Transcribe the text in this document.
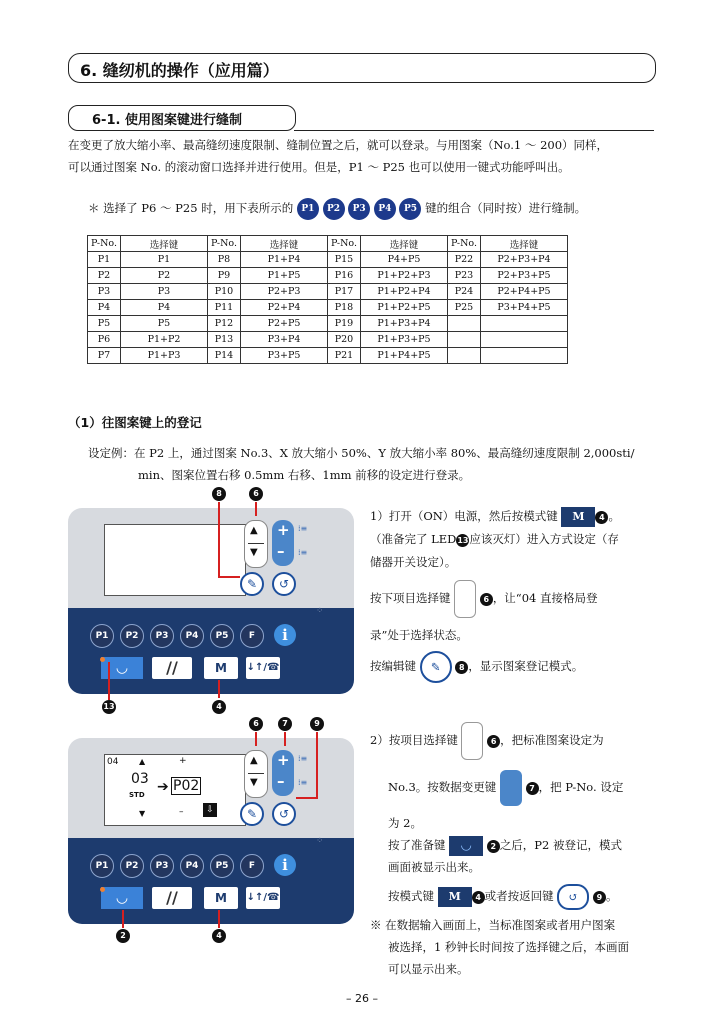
6. 缝纫机的操作（应用篇）
6-1. 使用图案键进行缝制
在变更了放大缩小率、最高缝纫速度限制、缝制位置之后，就可以登录。与用图案（No.1 ～ 200）同样，
可以通过图案 No. 的滚动窗口选择并进行使用。但是，P1 ～ P25 也可以使用一键式功能呼叫出。
＊ 选择了 P6 ～ P25 时，用下表所示的 P1 P2 P3 P4 P5 键的组合（同时按）进行缝制。
P-No.	选择键	P-No.	选择键	P-No.	选择键	P-No.	选择键
P1	P1	P8	P1+P4	P15	P4+P5	P22	P2+P3+P4
P2	P2	P9	P1+P5	P16	P1+P2+P3	P23	P2+P3+P5
P3	P3	P10	P2+P3	P17	P1+P2+P4	P24	P2+P4+P5
P4	P4	P11	P2+P4	P18	P1+P2+P5	P25	P3+P4+P5
P5	P5	P12	P2+P5	P19	P1+P3+P4		
P6	P1+P2	P13	P3+P4	P20	P1+P3+P5		
P7	P1+P3	P14	P3+P5	P21	P1+P4+P5		
（1）往图案键上的登记
设定例：在 P2 上，通过图案 No.3、X 放大缩小 50%、Y 放大缩小率 80%、最高缝纫速度限制 2,000sti/
min、图案位置右移 0.5mm 右移、1mm 前移的设定进行登录。
▲
▼
+
–
⁞≡
⁞≡
✎	↺
⁘
P1	P2	P3	P4	P5	F	i
◡	//	M	↓↑/☎
8	6
13	4
1）打开（ON）电源，然后按模式键 M 4 。
（准备完了 LED13应该灭灯）进入方式设定（存
储器开关设定）。
按下项目选择键	6 ，让“04 直接格局登
录”处于选择状态。
按编辑键 ✎ 8 ，显示图案登记模式。
04	▲	+
03
STD ➔ P02
▼	–	⇩
▲
▼
+
–
⁞≡
⁞≡
✎	↺
⁘
P1	P2	P3	P4	P5	F	i
◡	//	M	↓↑/☎
6	7	9
2	4
2）按项目选择键	6 ，把标准图案设定为
No.3。按数据变更键	7 ，把 P-No. 设定
为 2。
按了准备键 ◡ 2 之后，P2 被登记，模式
画面被显示出来。
按模式键 M 4 或者按返回键 ↺ 9 。
※ 在数据输入画面上，当标准图案或者用户图案
被选择，1 秒钟长时间按了选择键之后，本画面
可以显示出来。
– 26 –
